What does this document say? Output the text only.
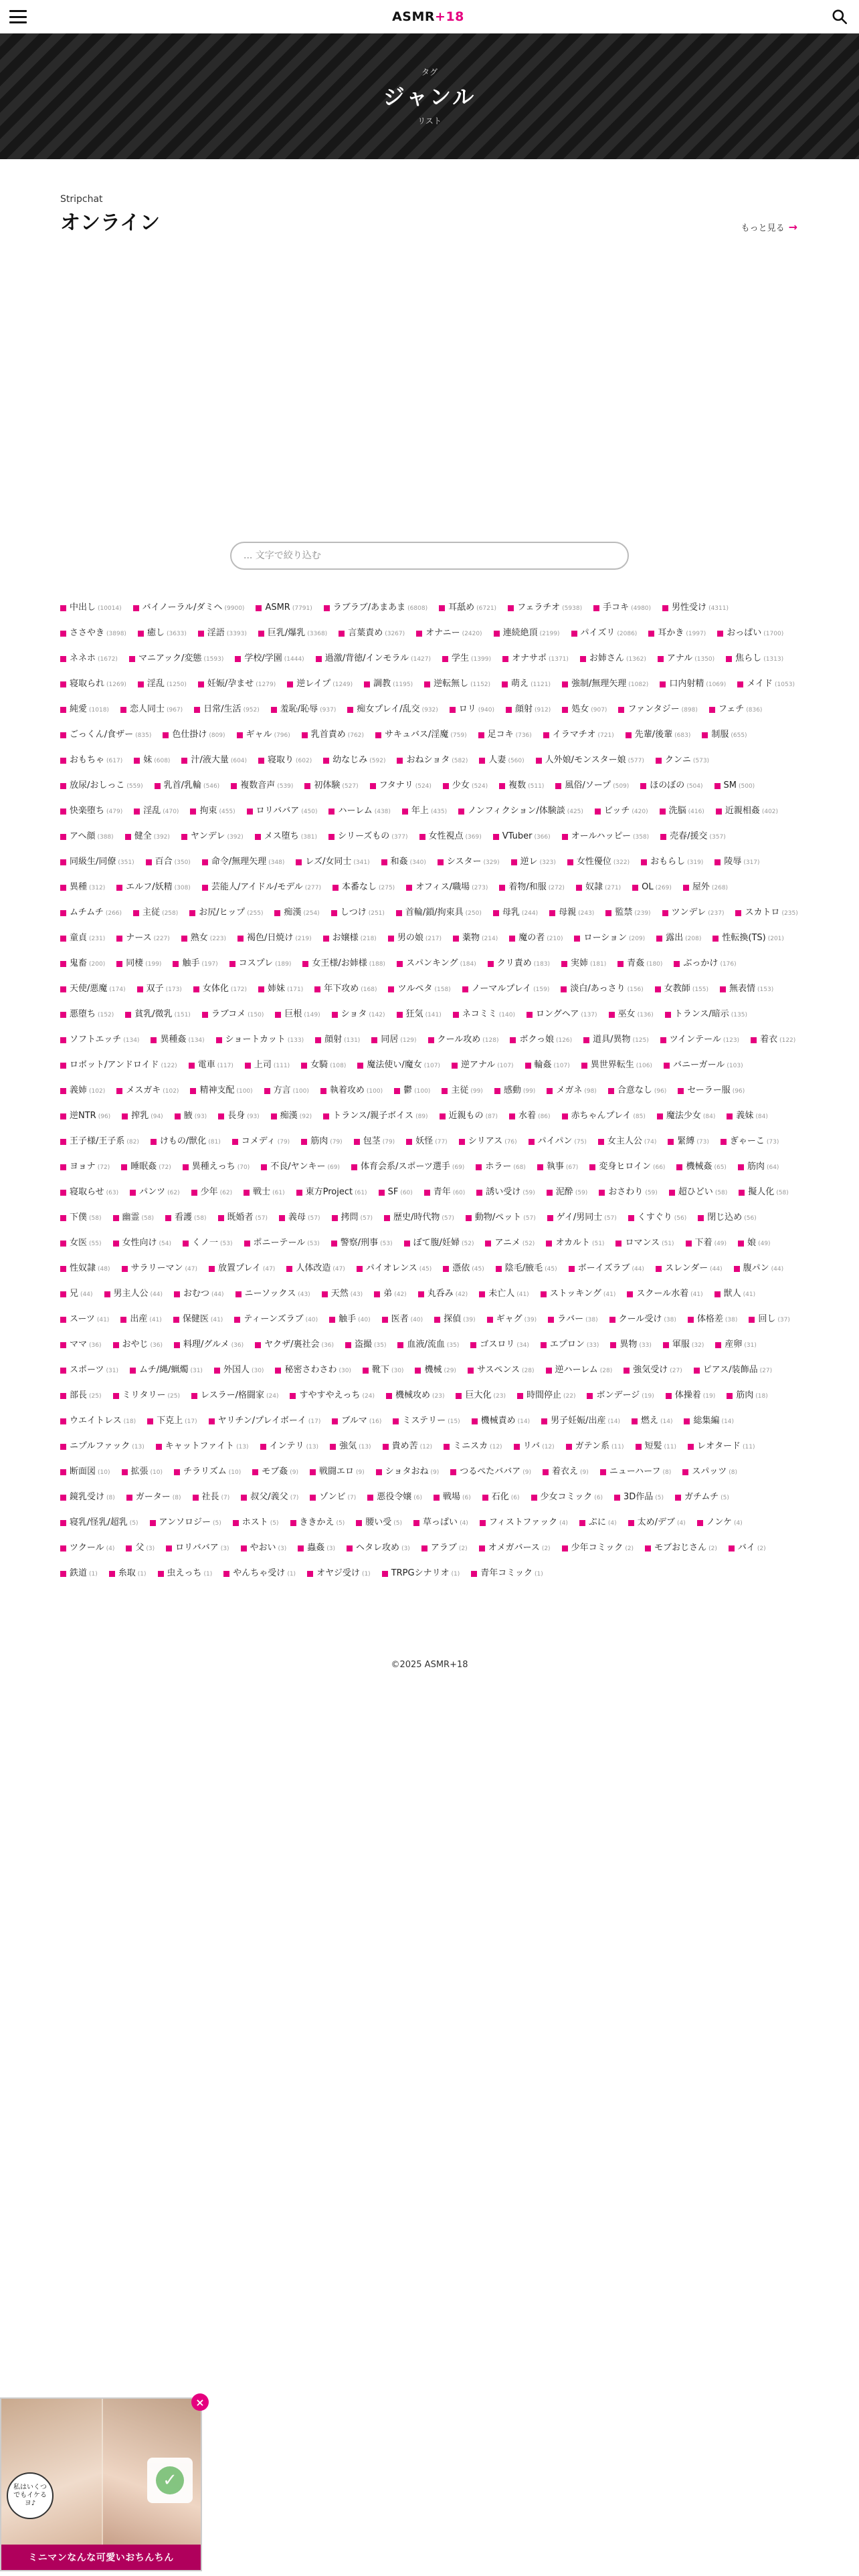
ASMR+18
タグ
ジャンル
リスト
Stripchat
オンライン	もっと見る →
... 文字で絞り込む
中出し (10014) バイノーラル/ダミヘ (9900) ASMR (7791) ラブラブ/あまあま (6808) 耳舐め (6721) フェラチオ (5938) 手コキ (4980) 男性受け (4311)
ささやき (3898) 癒し (3633) 淫語 (3393) 巨乳/爆乳 (3368) 言葉責め (3267) オナニー (2420) 連続絶頂 (2199) パイズリ (2086) 耳かき (1997) おっぱい (1700)
ネネホ (1672) マニアック/変態 (1593) 学校/学園 (1444) 過激/背徳/インモラル (1427) 学生 (1399) オナサポ (1371) お姉さん (1362) アナル (1350) 焦らし (1313)
寝取られ (1269) 淫乱 (1250) 妊娠/孕ませ (1279) 逆レイプ (1249) 調教 (1195) 逆転無し (1152) 萌え (1121) 強制/無理矢理 (1082) 口内射精 (1069) メイド (1053)
純愛 (1018) 恋人同士 (967) 日常/生活 (952) 羞恥/恥辱 (937) 痴女プレイ/乱交 (932) ロリ (940) 顔射 (912) 処女 (907) ファンタジー (898) フェチ (836)
ごっくん/食ザー (835) 色仕掛け (809) ギャル (796) 乳首責め (762) サキュバス/淫魔 (759) 足コキ (736) イラマチオ (721) 先輩/後輩 (683) 制服 (655)
おもちゃ (617) 妹 (608) 汁/液大量 (604) 寝取り (602) 幼なじみ (592) おねショタ (582) 人妻 (560) 人外娘/モンスター娘 (577) クンニ (573)
放尿/おしっこ (559) 乳首/乳輪 (546) 複数音声 (539) 初体験 (527) フタナリ (524) 少女 (524) 複数 (511) 風俗/ソープ (509) ほのぼの (504) SM (500)
快楽堕ち (479) 淫乱 (470) 拘束 (455) ロリババア (450) ハーレム (438) 年上 (435) ノンフィクション/体験談 (425) ビッチ (420) 洗脳 (416) 近親相姦 (402)
アヘ顔 (388) 健全 (392) ヤンデレ (392) メス堕ち (381) シリーズもの (377) 女性視点 (369) VTuber (366) オールハッピー (358) 売春/援交 (357)
同級生/同僚 (351) 百合 (350) 命令/無理矢理 (348) レズ/女同士 (341) 和姦 (340) シスター (329) 逆レ (323) 女性優位 (322) おもらし (319) 陵辱 (317)
異種 (312) エルフ/妖精 (308) 芸能人/アイドル/モデル (277) 本番なし (275) オフィス/職場 (273) 着物/和服 (272) 奴隷 (271) OL (269) 屋外 (268)
ムチムチ (266) 主従 (258) お尻/ヒップ (255) 痴漢 (254) しつけ (251) 首輪/鎖/拘束具 (250) 母乳 (244) 母親 (243) 監禁 (239) ツンデレ (237) スカトロ (235)
童貞 (231) ナース (227) 熟女 (223) 褐色/日焼け (219) お嬢様 (218) 男の娘 (217) 薬物 (214) 魔の者 (210) ローション (209) 露出 (208) 性転換(TS) (201)
鬼畜 (200) 同棲 (199) 触手 (197) コスプレ (189) 女王様/お姉様 (188) スパンキング (184) クリ責め (183) 実姉 (181) 青姦 (180) ぶっかけ (176)
天使/悪魔 (174) 双子 (173) 女体化 (172) 姉妹 (171) 年下攻め (168) ツルペタ (158) ノーマルプレイ (159) 淡白/あっさり (156) 女教師 (155) 無表情 (153)
悪堕ち (152) 貧乳/微乳 (151) ラブコメ (150) 巨根 (149) ショタ (142) 狂気 (141) ネコミミ (140) ロングヘア (137) 巫女 (136) トランス/暗示 (135)
ソフトエッチ (134) 異種姦 (134) ショートカット (133) 顔射 (131) 同居 (129) クール攻め (128) ボクっ娘 (126) 道具/異物 (125) ツインテール (123) 着衣 (122)
ロボット/アンドロイド (122) 電車 (117) 上司 (111) 女騎 (108) 魔法使い/魔女 (107) 逆アナル (107) 輪姦 (107) 異世界転生 (106) バニーガール (103)
義姉 (102) メスガキ (102) 精神支配 (100) 方言 (100) 執着攻め (100) 鬱 (100) 主従 (99) 感動 (99) メガネ (98) 合意なし (96) セーラー服 (96)
逆NTR (96) 搾乳 (94) 腋 (93) 長身 (93) 痴漢 (92) トランス/親子ボイス (89) 近親もの (87) 水着 (86) 赤ちゃんプレイ (85) 魔法少女 (84) 義妹 (84)
王子様/王子系 (82) けもの/獣化 (81) コメディ (79) 筋肉 (79) 包茎 (79) 妖怪 (77) シリアス (76) パイパン (75) 女主人公 (74) 緊縛 (73) ぎゃーこ (73)
ヨョナ (72) 睡眠姦 (72) 異種えっち (70) 不良/ヤンキー (69) 体育会系/スポーツ選手 (69) ホラー (68) 執事 (67) 変身ヒロイン (66) 機械姦 (65) 筋肉 (64)
寝取らせ (63) パンツ (62) 少年 (62) 戦士 (61) 東方Project (61) SF (60) 青年 (60) 誘い受け (59) 泥酔 (59) おさわり (59) 超ひどい (58) 擬人化 (58)
下僕 (58) 幽霊 (58) 看護 (58) 既婚者 (57) 義母 (57) 拷問 (57) 歴史/時代物 (57) 動物/ペット (57) ゲイ/男同士 (57) くすぐり (56) 閉じ込め (56)
女医 (55) 女性向け (54) くノ一 (53) ポニーテール (53) 警察/刑事 (53) ぼて腹/妊婦 (52) アニメ (52) オカルト (51) ロマンス (51) 下着 (49) 娘 (49)
性奴隷 (48) サラリーマン (47) 放置プレイ (47) 人体改造 (47) パイオレンス (45) 憑依 (45) 陰毛/腋毛 (45) ボーイズラブ (44) スレンダー (44) 腹パン (44)
兄 (44) 男主人公 (44) おむつ (44) ニーソックス (43) 天然 (43) 弟 (42) 丸呑み (42) 未亡人 (41) ストッキング (41) スクール水着 (41) 獣人 (41)
スーツ (41) 出産 (41) 保健医 (41) ティーンズラブ (40) 触手 (40) 医者 (40) 探偵 (39) ギャグ (39) ラバー (38) クール受け (38) 体格差 (38) 回し (37)
ママ (36) おやじ (36) 料理/グルメ (36) ヤクザ/裏社会 (36) 盗撮 (35) 血液/流血 (35) ゴスロリ (34) エプロン (33) 異物 (33) 軍服 (32) 産卵 (31)
スポーツ (31) ムチ/縄/蝋燭 (31) 外国人 (30) 秘密さわさわ (30) 靴下 (30) 機械 (29) サスペンス (28) 逆ハーレム (28) 強気受け (27) ピアス/装飾品 (27)
部長 (25) ミリタリー (25) レスラー/格闘家 (24) すやすやえっち (24) 機械攻め (23) 巨大化 (23) 時間停止 (22) ボンデージ (19) 体操着 (19) 筋肉 (18)
ウエイトレス (18) 下克上 (17) ヤリチン/プレイボーイ (17) ブルマ (16) ミステリー (15) 機械責め (14) 男子妊娠/出産 (14) 燃え (14) 総集編 (14)
ニプルファック (13) キャットファイト (13) インテリ (13) 強気 (13) 貴め苦 (12) ミニスカ (12) リバ (12) ガテン系 (11) 短髪 (11) レオタード (11)
断面図 (10) 拡張 (10) チラリズム (10) モブ姦 (9) 戦闘エロ (9) ショタおね (9) つるぺたババア (9) 着衣え (9) ニューハーフ (8) スパッツ (8)
鏡乳受け (8) ガーター (8) 社長 (7) 叔父/義父 (7) ゾンビ (7) 悪役令嬢 (6) 戦場 (6) 石化 (6) 少女コミック (6) 3D作品 (5) ガチムチ (5)
寝乳/怪乳/超乳 (5) アンソロジー (5) ホスト (5) ききかえ (5) 腰い受 (5) 草っぱい (4) フィストファック (4) ぷに (4) 太め/デブ (4) ノンケ (4)
ツクール (4) 父 (3) ロリババア (3) やおい (3) 蟲姦 (3) ヘタレ攻め (3) アラブ (2) オメガバース (2) 少年コミック (2) モブおじさん (2) バイ (2)
鉄道 (1) 糸取 (1) 虫えっち (1) やんちゃ受け (1) オヤジ受け (1) TRPGシナリオ (1) 青年コミック (1)
©2025 ASMR+18
私はいくつでもイケるヨ♪
✓
ミニマンなんな可愛いおちんちん
×
